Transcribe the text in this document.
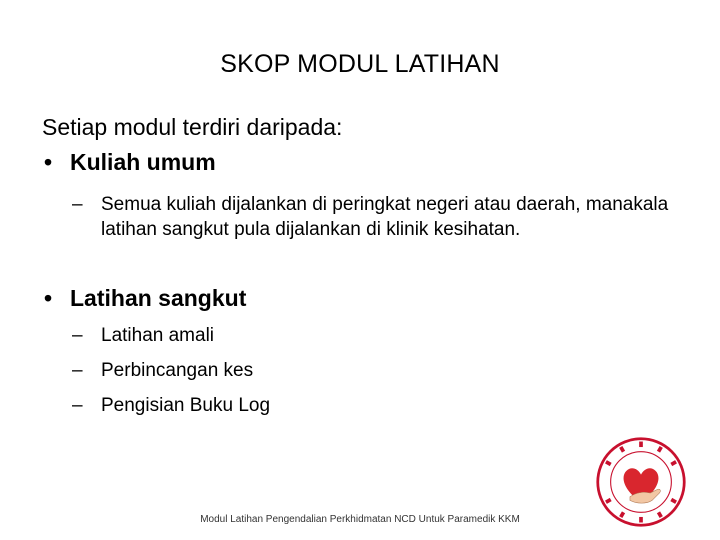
SKOP MODUL LATIHAN
Setiap modul terdiri daripada:
• Kuliah umum
– Semua kuliah dijalankan di peringkat negeri atau daerah, manakala latihan sangkut pula dijalankan di klinik kesihatan.
• Latihan sangkut
– Latihan amali
– Perbincangan kes
– Pengisian Buku Log
Modul Latihan Pengendalian Perkhidmatan NCD Untuk Paramedik KKM
